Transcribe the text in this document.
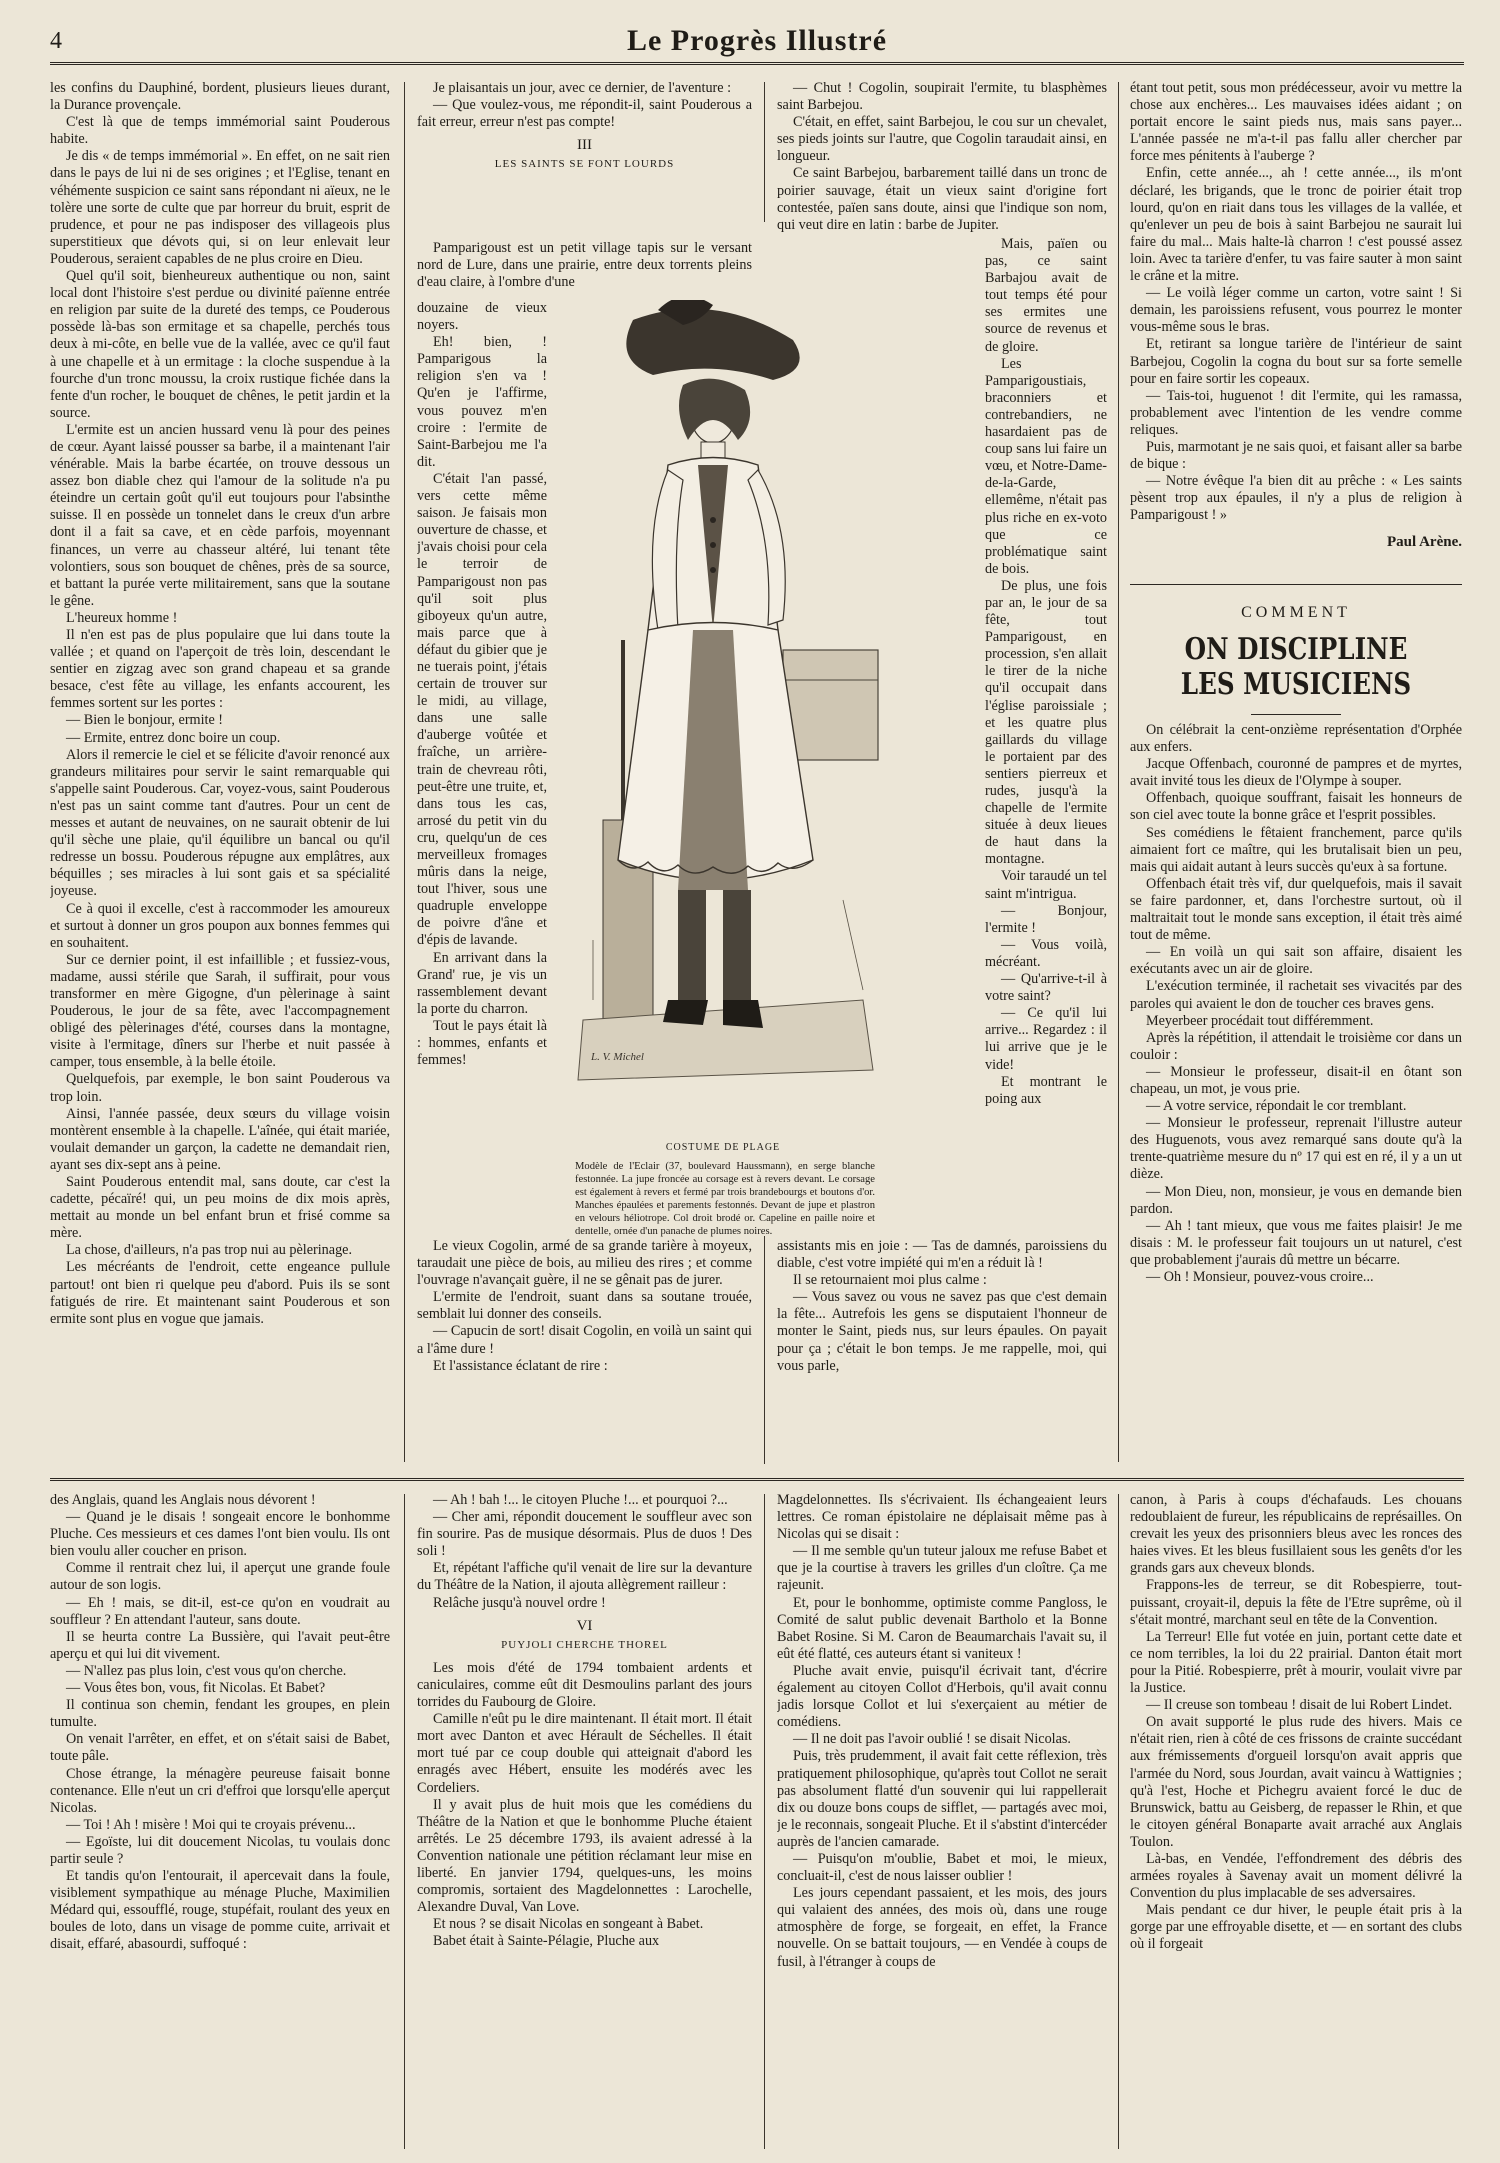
4	Le Progrès Illustré

les confins du Dauphiné, bordent, plusieurs lieues durant, la Durance provençale.

C'est là que de temps immémorial saint Pouderous habite.

Je dis « de temps immémorial ». En effet, on ne sait rien dans le pays de lui ni de ses origines ; et l'Eglise, tenant en véhémente suspicion ce saint sans répondant ni aïeux, ne le tolère une sorte de culte que par horreur du bruit, esprit de prudence, et pour ne pas indisposer des villageois plus superstitieux que dévots qui, si on leur enlevait leur Pouderous, seraient capables de ne plus croire en Dieu.

Quel qu'il soit, bienheureux authentique ou non, saint local dont l'histoire s'est perdue ou divinité païenne entrée en religion par suite de la dureté des temps, ce Pouderous possède là-bas son ermitage et sa chapelle, perchés tous deux à mi-côte, en belle vue de la vallée, avec ce qu'il faut à une chapelle et à un ermitage : la cloche suspendue à la fourche d'un tronc moussu, la croix rustique fichée dans la fente d'un rocher, le bouquet de chênes, le petit jardin et la source.

L'ermite est un ancien hussard venu là pour des peines de cœur. Ayant laissé pousser sa barbe, il a maintenant l'air vénérable. Mais la barbe écartée, on trouve dessous un assez bon diable chez qui l'amour de la solitude n'a pu éteindre un certain goût qu'il eut toujours pour l'absinthe suisse. Il en possède un tonnelet dans le creux d'un arbre dont il a fait sa cave, et en cède parfois, moyennant finances, un verre au chasseur altéré, lui tenant tête volontiers, sous son bouquet de chênes, près de sa source, et battant la purée verte militairement, sans que la soutane le gêne.

L'heureux homme !

Il n'en est pas de plus populaire que lui dans toute la vallée ; et quand on l'aperçoit de très loin, descendant le sentier en zigzag avec son grand chapeau et sa grande besace, c'est fête au village, les enfants accourent, les femmes sortent sur les portes :

— Bien le bonjour, ermite !

— Ermite, entrez donc boire un coup.

Alors il remercie le ciel et se félicite d'avoir renoncé aux grandeurs militaires pour servir le saint remarquable qui s'appelle saint Pouderous. Car, voyez-vous, saint Pouderous n'est pas un saint comme tant d'autres. Pour un cent de messes et autant de neuvaines, on ne saurait obtenir de lui qu'il sèche une plaie, qu'il équilibre un bancal ou qu'il redresse un bossu. Pouderous répugne aux emplâtres, aux béquilles ; ses miracles à lui sont gais et sa spécialité joyeuse.

Ce à quoi il excelle, c'est à raccommoder les amoureux et surtout à donner un gros poupon aux bonnes femmes qui en souhaitent.

Sur ce dernier point, il est infaillible ; et fussiez-vous, madame, aussi stérile que Sarah, il suffirait, pour vous transformer en mère Gigogne, d'un pèlerinage à saint Pouderous, le jour de sa fête, avec l'accompagnement obligé des pèlerinages d'été, courses dans la montagne, visite à l'ermitage, dîners sur l'herbe et nuit passée à camper, tous ensemble, à la belle étoile.

Quelquefois, par exemple, le bon saint Pouderous va trop loin.

Ainsi, l'année passée, deux sœurs du village voisin montèrent ensemble à la chapelle. L'aînée, qui était mariée, voulait demander un garçon, la cadette ne demandait rien, ayant ses dix-sept ans à peine.

Saint Pouderous entendit mal, sans doute, car c'est la cadette, pécaïré! qui, un peu moins de dix mois après, mettait au monde un bel enfant brun et frisé comme sa mère.

La chose, d'ailleurs, n'a pas trop nui au pèlerinage.

Les mécréants de l'endroit, cette engeance pullule partout! ont bien ri quelque peu d'abord. Puis ils se sont fatigués de rire. Et maintenant saint Pouderous et son ermite sont plus en vogue que jamais.

Je plaisantais un jour, avec ce dernier, de l'aventure :

— Que voulez-vous, me répondit-il, saint Pouderous a fait erreur, erreur n'est pas compte!

III
LES SAINTS SE FONT LOURDS

Pamparigoust est un petit village tapis sur le versant nord de Lure, dans une prairie, entre deux torrents pleins d'eau claire, à l'ombre d'une

douzaine de vieux noyers.

Eh! bien, ! Pamparigous la religion s'en va ! Qu'en je l'affirme, vous pouvez m'en croire : l'ermite de Saint-Barbejou me l'a dit.

C'était l'an passé, vers cette même saison. Je faisais mon ouverture de chasse, et j'avais choisi pour cela le terroir de Pamparigoust non pas qu'il soit plus giboyeux qu'un autre, mais parce que à défaut du gibier que je ne tuerais point, j'étais certain de trouver sur le midi, au village, dans une salle d'auberge voûtée et fraîche, un arrière-train de chevreau rôti, peut-être une truite, et, dans tous les cas, arrosé du petit vin du cru, quelqu'un de ces merveilleux fromages mûris dans la neige, tout l'hiver, sous une quadruple enveloppe de poivre d'âne et d'épis de lavande.

En arrivant dans la Grand' rue, je vis un rassemblement devant la porte du charron.

Tout le pays était là : hommes, enfants et femmes!

Le vieux Cogolin, armé de sa grande tarière à moyeux, taraudait une pièce de bois, au milieu des rires ; et comme l'ouvrage n'avançait guère, il ne se gênait pas de jurer.

L'ermite de l'endroit, suant dans sa soutane trouée, semblait lui donner des conseils.

— Capucin de sort! disait Cogolin, en voilà un saint qui a l'âme dure !

Et l'assistance éclatant de rire :

— Chut ! Cogolin, soupirait l'ermite, tu blasphèmes saint Barbejou.

C'était, en effet, saint Barbejou, le cou sur un chevalet, ses pieds joints sur l'autre, que Cogolin taraudait ainsi, en longueur.

Ce saint Barbejou, barbarement taillé dans un tronc de poirier sauvage, était un vieux saint d'origine fort contestée, païen sans doute, ainsi que l'indique son nom, qui veut dire en latin : barbe de Jupiter.

Mais, païen ou pas, ce saint Barbajou avait de tout temps été pour ses ermites une source de revenus et de gloire.

Les Pamparigoustiais, braconniers et contrebandiers, ne hasardaient pas de coup sans lui faire un vœu, et Notre-Dame-de-la-Garde, ellemême, n'était pas plus riche en ex-voto que ce problématique saint de bois.

De plus, une fois par an, le jour de sa fête, tout Pamparigoust, en procession, s'en allait le tirer de la niche qu'il occupait dans l'église paroissiale ; et les quatre plus gaillards du village le portaient par des sentiers pierreux et rudes, jusqu'à la chapelle de l'ermite située à deux lieues de haut dans la montagne.

Voir taraudé un tel saint m'intrigua.

— Bonjour, l'ermite !

— Vous voilà, mécréant.

— Qu'arrive-t-il à votre saint?

— Ce qu'il lui arrive... Regardez : il lui arrive que je le vide!

Et montrant le poing aux

assistants mis en joie : — Tas de damnés, paroissiens du diable, c'est votre impiété qui m'en a réduit là !

Il se retournaient moi plus calme :

— Vous savez ou vous ne savez pas que c'est demain la fête... Autrefois les gens se disputaient l'honneur de monter le Saint, pieds nus, sur leurs épaules. On payait pour ça ; c'était le bon temps. Je me rappelle, moi, qui vous parle,

étant tout petit, sous mon prédécesseur, avoir vu mettre la chose aux enchères... Les mauvaises idées aidant ; on portait encore le saint pieds nus, mais sans payer... L'année passée ne m'a-t-il pas fallu aller chercher par force mes pénitents à l'auberge ?

Enfin, cette année..., ah ! cette année..., ils m'ont déclaré, les brigands, que le tronc de poirier était trop lourd, qu'on en riait dans tous les villages de la vallée, et qu'enlever un peu de bois à saint Barbejou ne saurait lui faire du mal... Mais halte-là charron ! c'est poussé assez loin. Avec ta tarière d'enfer, tu vas faire sauter à mon saint le crâne et la mitre.

— Le voilà léger comme un carton, votre saint ! Si demain, les paroissiens refusent, vous pourrez le monter vous-même sous le bras.

Et, retirant sa longue tarière de l'intérieur de saint Barbejou, Cogolin la cogna du bout sur sa forte semelle pour en faire sortir les copeaux.

— Tais-toi, huguenot ! dit l'ermite, qui les ramassa, probablement avec l'intention de les vendre comme reliques.

Puis, marmotant je ne sais quoi, et faisant aller sa barbe de bique :

— Notre évêque l'a bien dit au prêche : « Les saints pèsent trop aux épaules, il n'y a plus de religion à Pamparigoust ! »

Paul Arène.
COMMENT
ON DISCIPLINE LES MUSICIENS

On célébrait la cent-onzième représentation d'Orphée aux enfers.

Jacque Offenbach, couronné de pampres et de myrtes, avait invité tous les dieux de l'Olympe à souper.

Offenbach, quoique souffrant, faisait les honneurs de son ciel avec toute la bonne grâce et l'esprit possibles.

Ses comédiens le fêtaient franchement, parce qu'ils aimaient fort ce maître, qui les brutalisait bien un peu, mais qui aidait autant à leurs succès qu'eux à sa fortune.

Offenbach était très vif, dur quelquefois, mais il savait se faire pardonner, et, dans l'orchestre surtout, où il maltraitait tout le monde sans exception, il était très aimé tout de même.

— En voilà un qui sait son affaire, disaient les exécutants avec un air de gloire.

L'exécution terminée, il rachetait ses vivacités par des paroles qui avaient le don de toucher ces braves gens.

Meyerbeer procédait tout différemment.

Après la répétition, il attendait le troisième cor dans un couloir :

— Monsieur le professeur, disait-il en ôtant son chapeau, un mot, je vous prie.

— A votre service, répondait le cor tremblant.

— Monsieur le professeur, reprenait l'illustre auteur des Huguenots, vous avez remarqué sans doute qu'à la trente-quatrième mesure du nº 17 qui est en ré, il y a un ut dièze.

— Mon Dieu, non, monsieur, je vous en demande bien pardon.

— Ah ! tant mieux, que vous me faites plaisir! Je me disais : M. le professeur fait toujours un ut naturel, c'est que probablement j'aurais dû mettre un bécarre.

— Oh ! Monsieur, pouvez-vous croire...

L. V. Michel
COSTUME DE PLAGE
Modèle de l'Eclair (37, boulevard Haussmann), en serge blanche festonnée. La jupe froncée au corsage est à revers devant. Le corsage est également à revers et fermé par trois brandebourgs et boutons d'or. Manches épaulées et parements festonnés. Devant de jupe et plastron en velours héliotrope. Col droit brodé or. Capeline en paille noire et dentelle, ornée d'un panache de plumes noires.

des Anglais, quand les Anglais nous dévorent !

— Quand je le disais ! songeait encore le bonhomme Pluche. Ces messieurs et ces dames l'ont bien voulu. Ils ont bien voulu aller coucher en prison.

Comme il rentrait chez lui, il aperçut une grande foule autour de son logis.

— Eh ! mais, se dit-il, est-ce qu'on en voudrait au souffleur ? En attendant l'auteur, sans doute.

Il se heurta contre La Bussière, qui l'avait peut-être aperçu et qui lui dit vivement.

— N'allez pas plus loin, c'est vous qu'on cherche.

— Vous êtes bon, vous, fit Nicolas. Et Babet?

Il continua son chemin, fendant les groupes, en plein tumulte.

On venait l'arrêter, en effet, et on s'était saisi de Babet, toute pâle.

Chose étrange, la ménagère peureuse faisait bonne contenance. Elle n'eut un cri d'effroi que lorsqu'elle aperçut Nicolas.

— Toi ! Ah ! misère ! Moi qui te croyais prévenu...

— Egoïste, lui dit doucement Nicolas, tu voulais donc partir seule ?

Et tandis qu'on l'entourait, il apercevait dans la foule, visiblement sympathique au ménage Pluche, Maximilien Médard qui, essoufflé, rouge, stupéfait, roulant des yeux en boules de loto, dans un visage de pomme cuite, arrivait et disait, effaré, abasourdi, suffoqué :

— Ah ! bah !... le citoyen Pluche !... et pourquoi ?...

— Cher ami, répondit doucement le souffleur avec son fin sourire. Pas de musique désormais. Plus de duos ! Des soli !

Et, répétant l'affiche qu'il venait de lire sur la devanture du Théâtre de la Nation, il ajouta allègrement railleur :

Relâche jusqu'à nouvel ordre !

VI
PUYJOLI CHERCHE THOREL

Les mois d'été de 1794 tombaient ardents et caniculaires, comme eût dit Desmoulins parlant des jours torrides du Faubourg de Gloire.

Camille n'eût pu le dire maintenant. Il était mort. Il était mort avec Danton et avec Hérault de Séchelles. Il était mort tué par ce coup double qui atteignait d'abord les enragés avec Hébert, ensuite les modérés avec les Cordeliers.

Il y avait plus de huit mois que les comédiens du Théâtre de la Nation et que le bonhomme Pluche étaient arrêtés. Le 25 décembre 1793, ils avaient adressé à la Convention nationale une pétition réclamant leur mise en liberté. En janvier 1794, quelques-uns, les moins compromis, sortaient des Magdelonnettes : Larochelle, Alexandre Duval, Van Love.

Et nous ? se disait Nicolas en songeant à Babet.

Babet était à Sainte-Pélagie, Pluche aux

Magdelonnettes. Ils s'écrivaient. Ils échangeaient leurs lettres. Ce roman épistolaire ne déplaisait même pas à Nicolas qui se disait :

— Il me semble qu'un tuteur jaloux me refuse Babet et que je la courtise à travers les grilles d'un cloître. Ça me rajeunit.

Et, pour le bonhomme, optimiste comme Pangloss, le Comité de salut public devenait Bartholo et la Bonne Babet Rosine. Si M. Caron de Beaumarchais l'avait su, il eût été flatté, ces auteurs étant si vaniteux !

Pluche avait envie, puisqu'il écrivait tant, d'écrire également au citoyen Collot d'Herbois, qu'il avait connu jadis lorsque Collot et lui s'exerçaient au métier de comédiens.

— Il ne doit pas l'avoir oublié ! se disait Nicolas.

Puis, très prudemment, il avait fait cette réflexion, très pratiquement philosophique, qu'après tout Collot ne serait pas absolument flatté d'un souvenir qui lui rappellerait dix ou douze bons coups de sifflet, — partagés avec moi, je le reconnais, songeait Pluche. Et il s'abstint d'intercéder auprès de l'ancien camarade.

— Puisqu'on m'oublie, Babet et moi, le mieux, concluait-il, c'est de nous laisser oublier !

Les jours cependant passaient, et les mois, des jours qui valaient des années, des mois où, dans une rouge atmosphère de forge, se forgeait, en effet, la France nouvelle. On se battait toujours, — en Vendée à coups de fusil, à l'étranger à coups de

canon, à Paris à coups d'échafauds. Les chouans redoublaient de fureur, les républicains de représailles. On crevait les yeux des prisonniers bleus avec les ronces des haies vives. Et les bleus fusillaient sous les genêts d'or les grands gars aux cheveux blonds.

Frappons-les de terreur, se dit Robespierre, tout-puissant, croyait-il, depuis la fête de l'Etre suprême, où il s'était montré, marchant seul en tête de la Convention.

La Terreur! Elle fut votée en juin, portant cette date et ce nom terribles, la loi du 22 prairial. Danton était mort pour la Pitié. Robespierre, prêt à mourir, voulait vivre par la Justice.

— Il creuse son tombeau ! disait de lui Robert Lindet.

On avait supporté le plus rude des hivers. Mais ce n'était rien, rien à côté de ces frissons de crainte succédant aux frémissements d'orgueil lorsqu'on avait appris que l'armée du Nord, sous Jourdan, avait vaincu à Wattignies ; qu'à l'est, Hoche et Pichegru avaient forcé le duc de Brunswick, battu au Geisberg, de repasser le Rhin, et que le citoyen général Bonaparte avait arraché aux Anglais Toulon.

Là-bas, en Vendée, l'effondrement des débris des armées royales à Savenay avait un moment délivré la Convention du plus implacable de ses adversaires.

Mais pendant ce dur hiver, le peuple était pris à la gorge par une effroyable disette, et — en sortant des clubs où il forgeait
